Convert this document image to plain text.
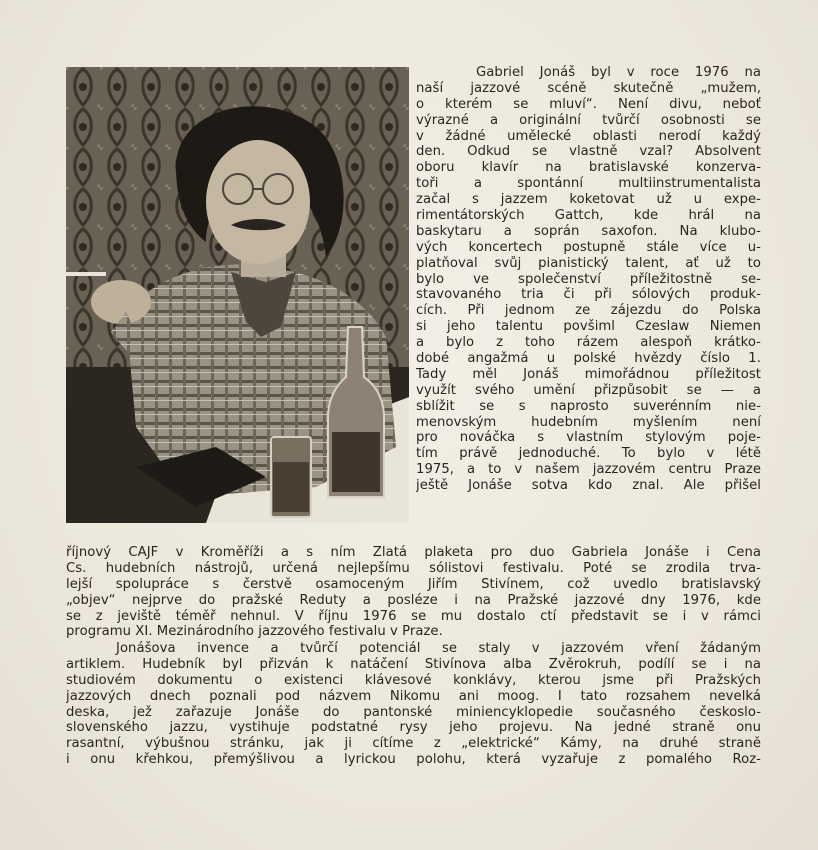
Gabriel Jonáš byl v roce 1976 na
naší jazzové scéně skutečně „mužem,
o kterém se mluví“. Není divu, neboť
výrazné a originální tvůrčí osobnosti se
v žádné umělecké oblasti nerodí každý
den. Odkud se vlastně vzal? Absolvent
oboru klavír na bratislavské konzerva-
toři a spontánní multiinstrumentalista
začal s jazzem koketovat už u expe-
rimentátorských Gattch, kde hrál na
baskytaru a soprán saxofon. Na klubo-
vých koncertech postupně stále více u-
platňoval svůj pianistický talent, ať už to
bylo ve společenství příležitostně se-
stavovaného tria či při sólových produk-
cích. Při jednom ze zájezdu do Polska
si jeho talentu povšiml Czeslaw Niemen
a bylo z toho rázem alespoň krátko-
dobé angažmá u polské hvězdy číslo 1.
Tady měl Jonáš mimořádnou příležitost
využít svého umění přizpůsobit se — a
sblížit se s naprosto suverénním nie-
menovským hudebním myšlením není
pro nováčka s vlastním stylovým poje-
tím právě jednoduché. To bylo v létě
1975, a to v našem jazzovém centru Praze
ještě Jonáše sotva kdo znal. Ale přišel
říjnový ČAJF v Kroměříži a s ním Zlatá plaketa pro duo Gabriela Jonáše i Cena
Čs. hudebních nástrojů, určená nejlepšímu sólistovi festivalu. Poté se zrodila trva-
lejší spolupráce s čerstvě osamoceným Jiřím Stivínem, což uvedlo bratislavský
„objev“ nejprve do pražské Reduty a posléze i na Pražské jazzové dny 1976, kde
se z jeviště téměř nehnul. V říjnu 1976 se mu dostalo ctí představit se i v rámci
programu XI. Mezinárodního jazzového festivalu v Praze.
Jonášova invence a tvůrčí potenciál se staly v jazzovém vření žádaným
artiklem. Hudebník byl přizván k natáčení Stivínova alba Zvěrokruh, podílí se i na
studiovém dokumentu o existenci klávesové konklávy, kterou jsme při Pražských
jazzových dnech poznali pod názvem Nikomu ani moog. I tato rozsahem nevelká
deska, jež zařazuje Jonáše do pantonské miniencyklopedie současného českoslo-
slovenského jazzu, vystihuje podstatné rysy jeho projevu. Na jedné straně onu
rasantní, výbušnou stránku, jak ji cítíme z „elektrické“ Kámy, na druhé straně
i onu křehkou, přemýšlivou a lyrickou polohu, která vyzařuje z pomalého Roz-
